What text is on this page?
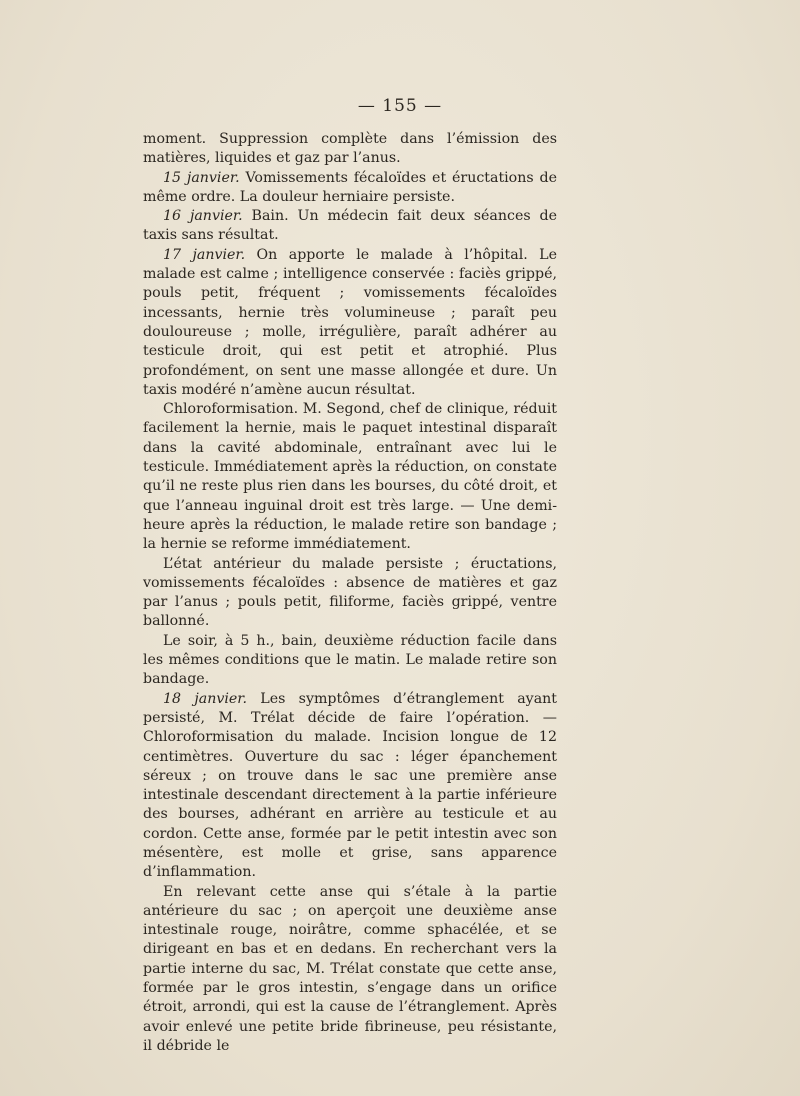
— 155 —

moment. Suppression complète dans l’émission des matières, liquides et gaz par l’anus.

15 janvier. Vomissements fécaloïdes et éructations de même ordre. La douleur herniaire persiste.

16 janvier. Bain. Un médecin fait deux séances de taxis sans résultat.

17 janvier. On apporte le malade à l’hôpital. Le malade est calme ; intelligence conservée : faciès grippé, pouls petit, fréquent ; vomissements fécaloïdes incessants, hernie très volumineuse ; paraît peu douloureuse ; molle, irrégulière, paraît adhérer au testicule droit, qui est petit et atrophié. Plus profondément, on sent une masse allongée et dure. Un taxis modéré n’amène aucun résultat.

Chloroformisation. M. Segond, chef de clinique, réduit facilement la hernie, mais le paquet intestinal disparaît dans la cavité abdominale, entraînant avec lui le testicule. Immédiatement après la réduction, on constate qu’il ne reste plus rien dans les bourses, du côté droit, et que l’anneau inguinal droit est très large. — Une demi-heure après la réduction, le malade retire son bandage ; la hernie se reforme immédiatement.

L’état antérieur du malade persiste ; éructations, vomissements fécaloïdes : absence de matières et gaz par l’anus ; pouls petit, filiforme, faciès grippé, ventre ballonné.

Le soir, à 5 h., bain, deuxième réduction facile dans les mêmes conditions que le matin. Le malade retire son bandage.

18 janvier. Les symptômes d’étranglement ayant persisté, M. Trélat décide de faire l’opération. — Chloroformisation du malade. Incision longue de 12 centimètres. Ouverture du sac : léger épanchement séreux ; on trouve dans le sac une première anse intestinale descendant directement à la partie inférieure des bourses, adhérant en arrière au testicule et au cordon. Cette anse, formée par le petit intestin avec son mésentère, est molle et grise, sans apparence d’inflammation.

En relevant cette anse qui s’étale à la partie antérieure du sac ; on aperçoit une deuxième anse intestinale rouge, noirâtre, comme sphacélée, et se dirigeant en bas et en dedans. En recherchant vers la partie interne du sac, M. Trélat constate que cette anse, formée par le gros intestin, s’engage dans un orifice étroit, arrondi, qui est la cause de l’étranglement. Après avoir enlevé une petite bride fibrineuse, peu résistante, il débride le
